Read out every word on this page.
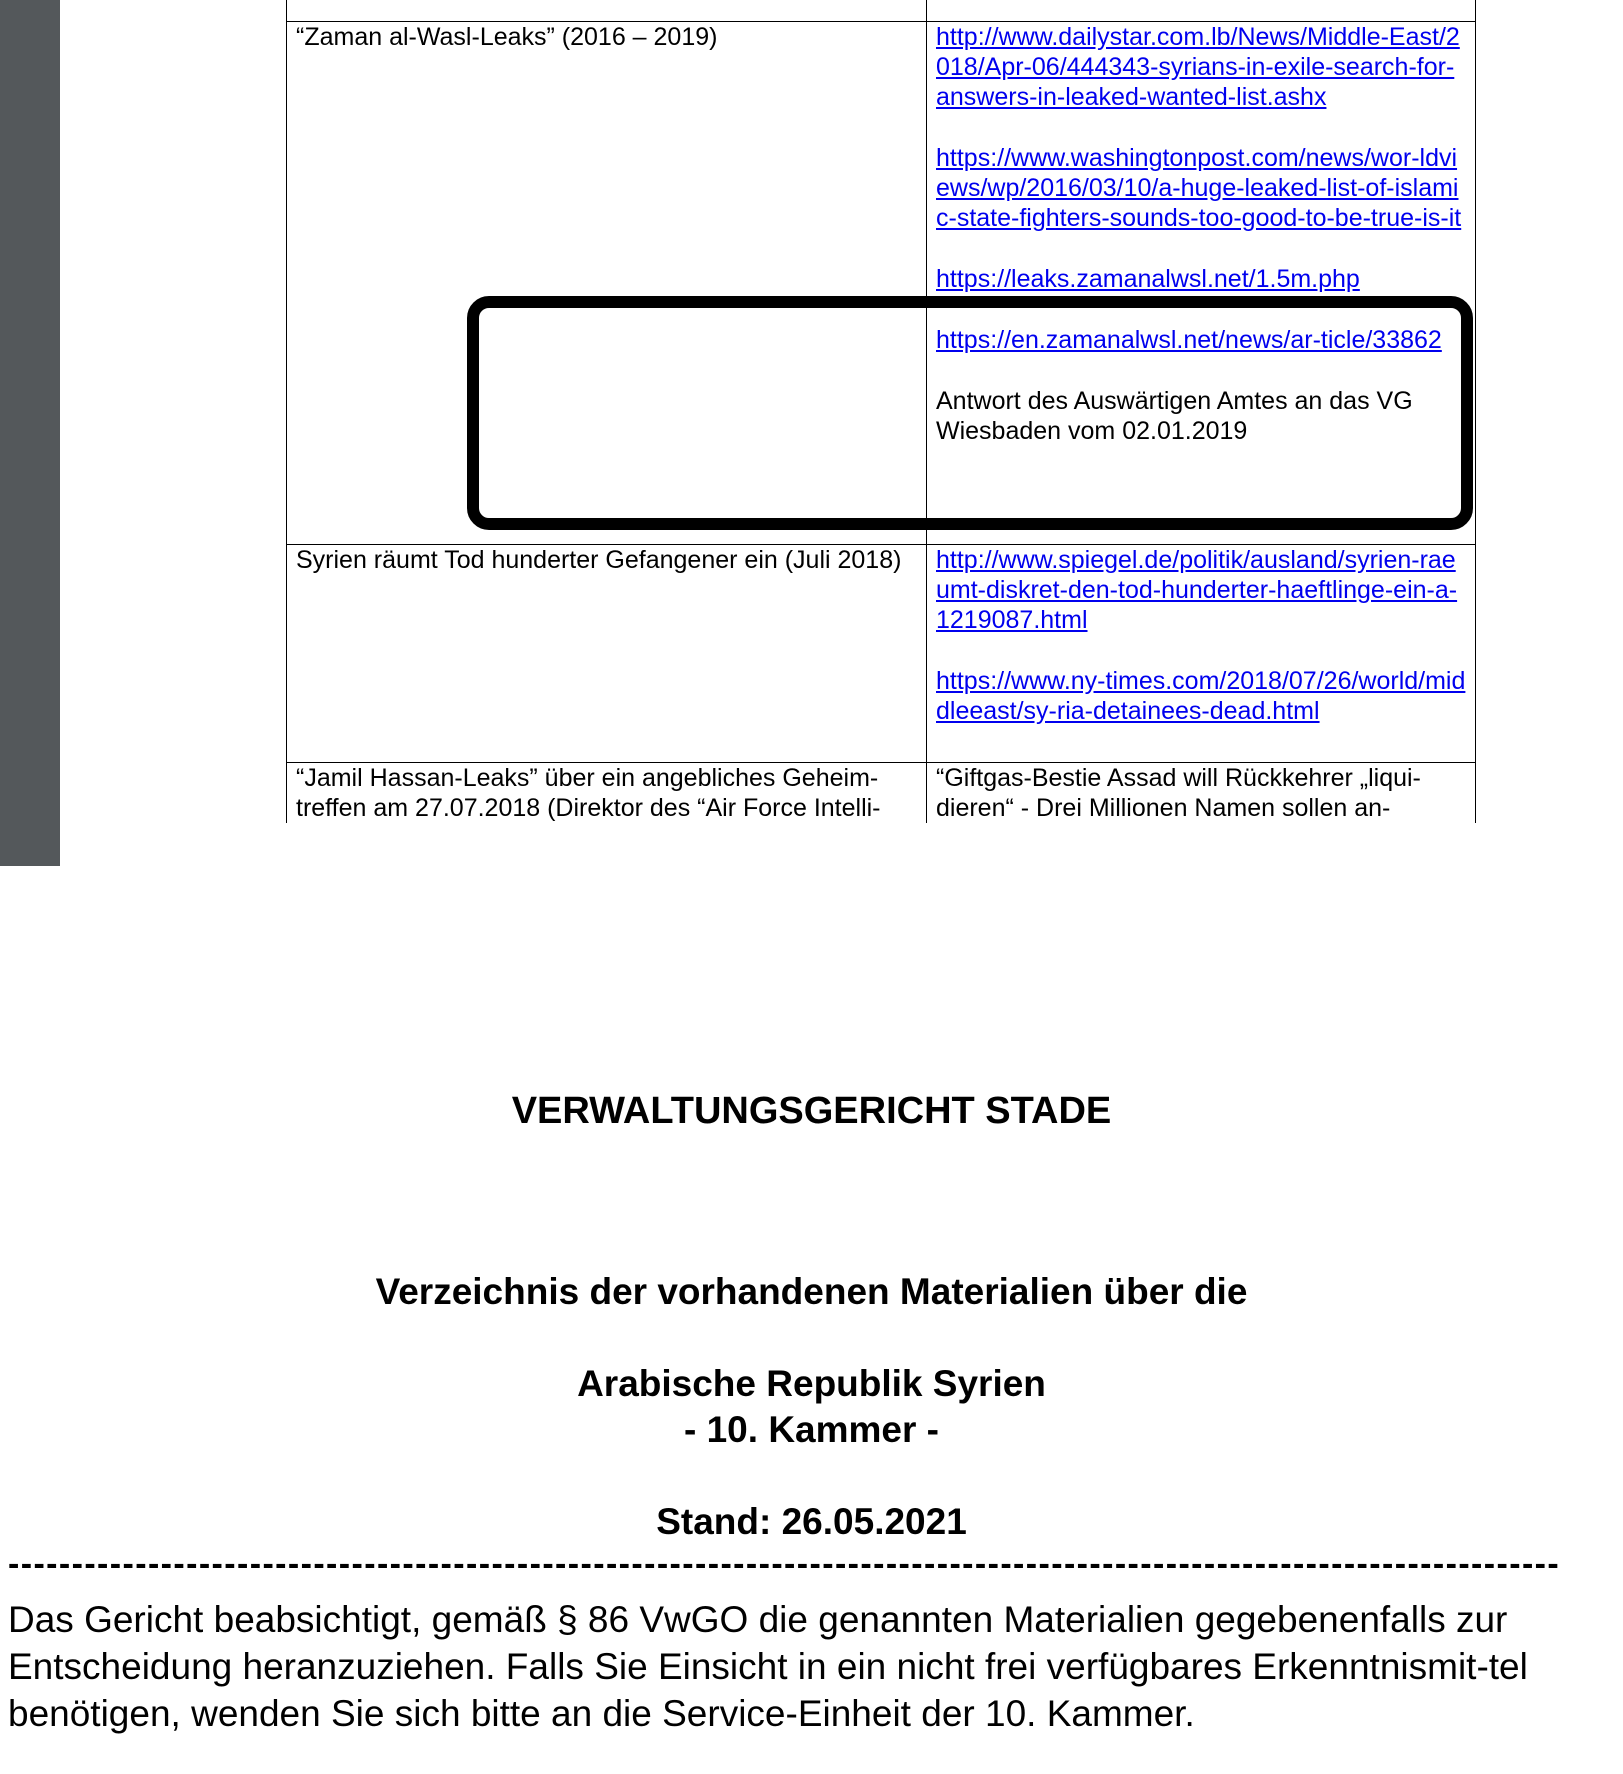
“Zaman al-Wasl-Leaks” (2016 – 2019)	http://www.dailystar.com.lb/News/Middle-East/2018/Apr-06/444343-syrians-in-exile-search-for-answers-in-leaked-wanted-list.ashx
https://www.washingtonpost.com/news/wor-ldviews/wp/2016/03/10/a-huge-leaked-list-of-islamic-state-fighters-sounds-too-good-to-be-true-is-it
https://leaks.zamanalwsl.net/1.5m.php
https://en.zamanalwsl.net/news/ar-ticle/33862
Antwort des Auswärtigen Amtes an das VG Wiesbaden vom 02.01.2019

Syrien räumt Tod hunderter Gefangener ein (Juli 2018)	http://www.spiegel.de/politik/ausland/syrien-raeumt-diskret-den-tod-hunderter-haeftlinge-ein-a-1219087.html
https://www.ny-times.com/2018/07/26/world/middleeast/sy-ria-detainees-dead.html

“Jamil Hassan-Leaks” über ein angebliches Geheim-treffen am 27.07.2018 (Direktor des “Air Force Intelli-	“Giftgas-Bestie Assad will Rückkehrer „liqui-dieren“ - Drei Millionen Namen sollen an-
VERWALTUNGSGERICHT STADE
Verzeichnis der vorhandenen Materialien über die
Arabische Republik Syrien
- 10. Kammer -
Stand: 26.05.2021
--------------------------------------------------------------------------------------------------------------------------
Das Gericht beabsichtigt, gemäß § 86 VwGO die genannten Materialien gegebenenfalls zur Entscheidung heranzuziehen. Falls Sie Einsicht in ein nicht frei verfügbares Erkenntnismit-tel benötigen, wenden Sie sich bitte an die Service-Einheit der 10. Kammer.
